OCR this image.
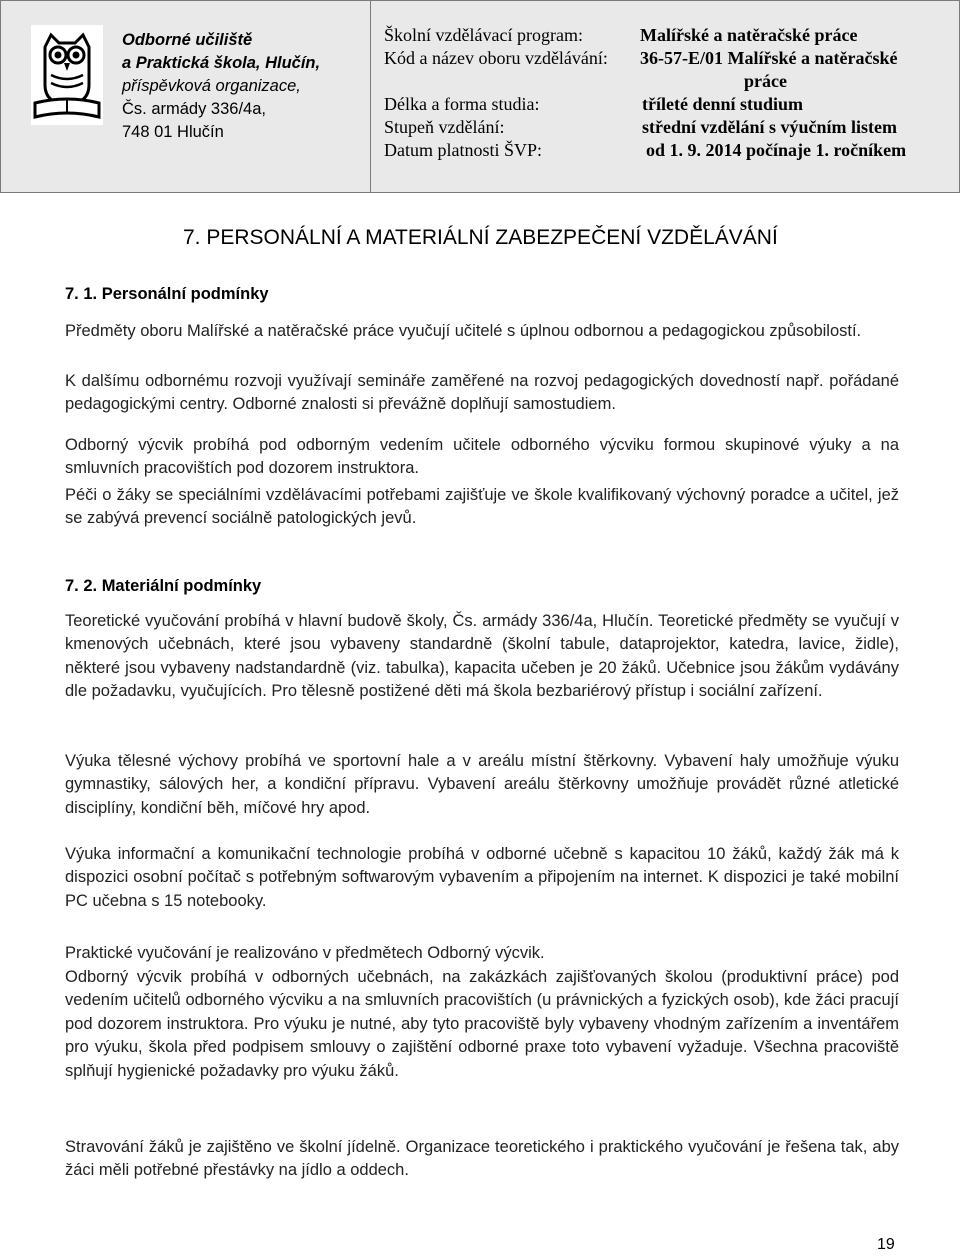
Odborné učiliště
a Praktická škola, Hlučín,
příspěvková organizace,
Čs. armády 336/4a,
748 01 Hlučín
Školní vzdělávací program:	Malířské a natěračské práce
Kód a název oboru vzdělávání: 36-57-E/01 Malířské a natěračské
práce
Délka a forma studia:	tříleté denní studium
Stupeň vzdělání:	střední vzdělání s výučním listem
Datum platnosti ŠVP:	od 1. 9. 2014 počínaje 1. ročníkem
7. PERSONÁLNÍ A MATERIÁLNÍ ZABEZPEČENÍ VZDĚLÁVÁNÍ
7. 1. Personální podmínky
Předměty oboru Malířské a natěračské práce vyučují učitelé s úplnou odbornou a pedagogickou způsobilostí.
K dalšímu odbornému rozvoji využívají semináře zaměřené na rozvoj pedagogických dovedností např. pořádané pedagogickými centry. Odborné znalosti si převážně doplňují samostudiem.
Odborný výcvik probíhá pod odborným vedením učitele odborného výcviku formou skupinové výuky a na smluvních pracovištích pod dozorem instruktora.
Péči o žáky se speciálními vzdělávacími potřebami zajišťuje ve škole kvalifikovaný výchovný poradce a učitel, jež se zabývá prevencí sociálně patologických jevů.
7. 2. Materiální podmínky
Teoretické vyučování probíhá v hlavní budově školy, Čs. armády 336/4a, Hlučín. Teoretické předměty se vyučují v kmenových učebnách, které jsou vybaveny standardně (školní tabule, dataprojektor, katedra, lavice, židle), některé jsou vybaveny nadstandardně (viz. tabulka), kapacita učeben je 20 žáků. Učebnice jsou žákům vydávány dle požadavku, vyučujících. Pro tělesně postižené děti má škola bezbariérový přístup i sociální zařízení.
Výuka tělesné výchovy probíhá ve sportovní hale a v areálu místní štěrkovny. Vybavení haly umožňuje výuku gymnastiky, sálových her, a kondiční přípravu. Vybavení areálu štěrkovny umožňuje provádět různé atletické disciplíny, kondiční běh, míčové hry apod.
Výuka informační a komunikační technologie probíhá v odborné učebně s kapacitou 10 žáků, každý žák má k dispozici osobní počítač s potřebným softwarovým vybavením a připojením na internet. K dispozici je také mobilní PC učebna s 15 notebooky.
Praktické vyučování je realizováno v předmětech Odborný výcvik.
Odborný výcvik probíhá v odborných učebnách, na zakázkách zajišťovaných školou (produktivní práce) pod vedením učitelů odborného výcviku a na smluvních pracovištích (u právnických a fyzických osob), kde žáci pracují pod dozorem instruktora. Pro výuku je nutné, aby tyto pracoviště byly vybaveny vhodným zařízením a inventářem pro výuku, škola před podpisem smlouvy o zajištění odborné praxe toto vybavení vyžaduje. Všechna pracoviště splňují hygienické požadavky pro výuku žáků.
Stravování žáků je zajištěno ve školní jídelně. Organizace teoretického i praktického vyučování je řešena tak, aby žáci měli potřebné přestávky na jídlo a oddech.
19
